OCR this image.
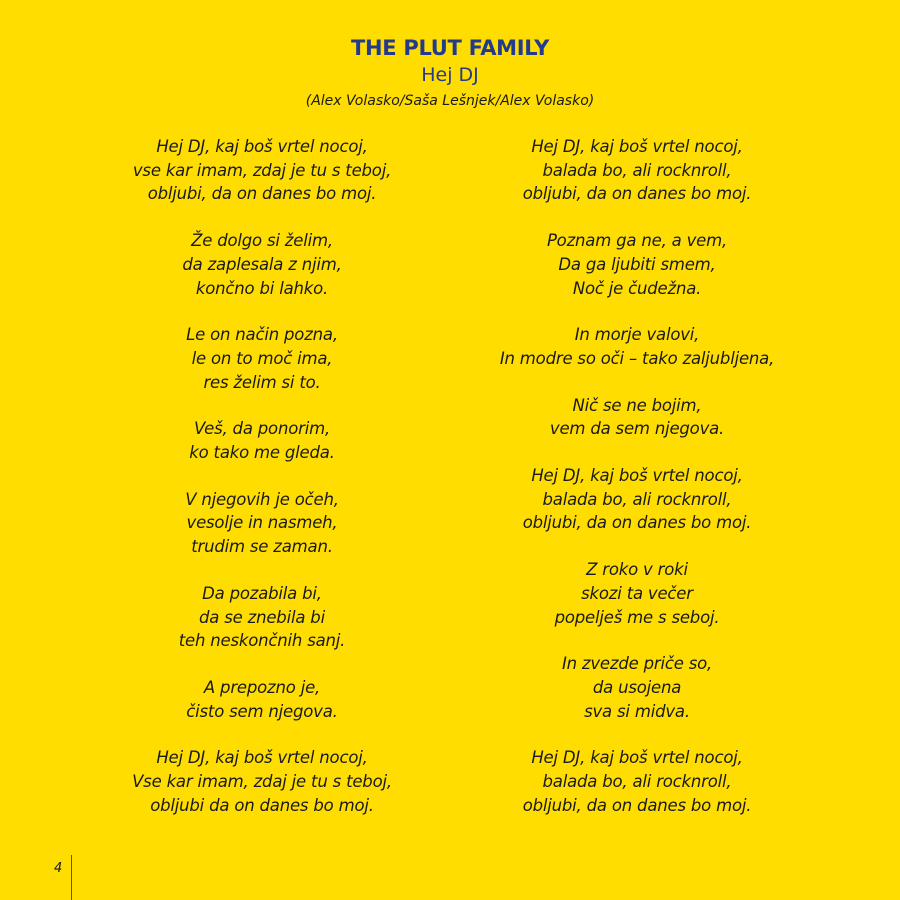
THE PLUT FAMILY
Hej DJ
(Alex Volasko/Saša Lešnjek/Alex Volasko)
Hej DJ, kaj boš vrtel nocoj,
vse kar imam, zdaj je tu s teboj,
obljubi, da on danes bo moj.
Že dolgo si želim,
da zaplesala z njim,
končno bi lahko.
Le on način pozna,
le on to moč ima,
res želim si to.
Veš, da ponorim,
ko tako me gleda.
V njegovih je očeh,
vesolje in nasmeh,
trudim se zaman.
Da pozabila bi,
da se znebila bi
teh neskončnih sanj.
A prepozno je,
čisto sem njegova.
Hej DJ, kaj boš vrtel nocoj,
Vse kar imam, zdaj je tu s teboj,
obljubi da on danes bo moj.
Hej DJ, kaj boš vrtel nocoj,
balada bo, ali rocknroll,
obljubi, da on danes bo moj.
Poznam ga ne, a vem,
Da ga ljubiti smem,
Noč je čudežna.
In morje valovi,
In modre so oči – tako zaljubljena,
Nič se ne bojim,
vem da sem njegova.
Hej DJ, kaj boš vrtel nocoj,
balada bo, ali rocknroll,
obljubi, da on danes bo moj.
Z roko v roki
skozi ta večer
popelješ me s seboj.
In zvezde priče so,
da usojena
sva si midva.
Hej DJ, kaj boš vrtel nocoj,
balada bo, ali rocknroll,
obljubi, da on danes bo moj.
4
